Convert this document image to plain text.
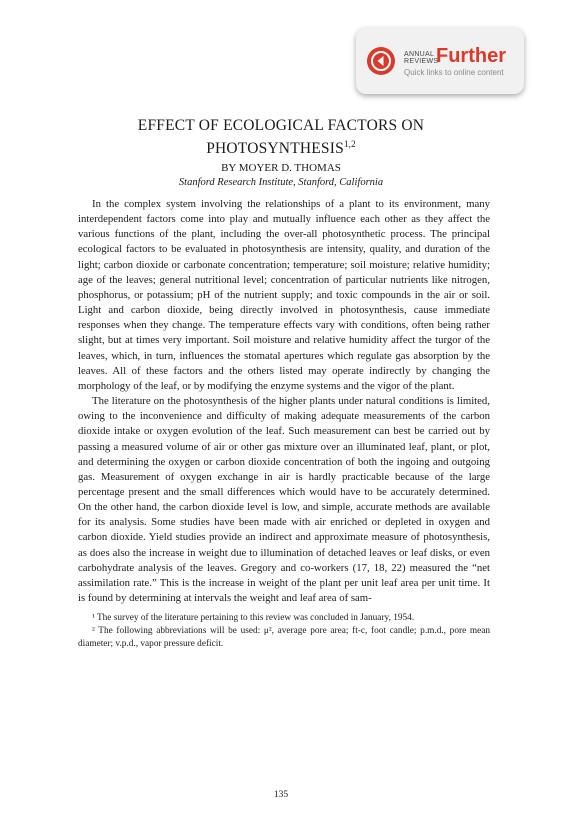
ANNUAL
REVIEWS
Further
Quick links to online content
EFFECT OF ECOLOGICAL FACTORS ON
PHOTOSYNTHESIS$^{1,2}$
BY MOYER D. THOMAS
Stanford Research Institute, Stanford, California

In the complex system involving the relationships of a plant to its environment, many interdependent factors come into play and mutually influence each other as they affect the various functions of the plant, including the over-all photosynthetic process. The principal ecological factors to be evaluated in photosynthesis are intensity, quality, and duration of the light; carbon dioxide or carbonate concentration; temperature; soil moisture; relative humidity; age of the leaves; general nutritional level; concentration of particular nutrients like nitrogen, phosphorus, or potassium; pH of the nutrient supply; and toxic compounds in the air or soil. Light and carbon dioxide, being directly involved in photosynthesis, cause immediate responses when they change. The temperature effects vary with conditions, often being rather slight, but at times very important. Soil moisture and relative humidity affect the turgor of the leaves, which, in turn, influences the stomatal apertures which regulate gas absorption by the leaves. All of these factors and the others listed may operate indirectly by changing the morphology of the leaf, or by modifying the enzyme systems and the vigor of the plant.

The literature on the photosynthesis of the higher plants under natural conditions is limited, owing to the inconvenience and difficulty of making adequate measurements of the carbon dioxide intake or oxygen evolution of the leaf. Such measurement can best be carried out by passing a measured volume of air or other gas mixture over an illuminated leaf, plant, or plot, and determining the oxygen or carbon dioxide concentration of both the ingoing and outgoing gas. Measurement of oxygen exchange in air is hardly practicable because of the large percentage present and the small differences which would have to be accurately determined. On the other hand, the carbon dioxide level is low, and simple, accurate methods are available for its analysis. Some studies have been made with air enriched or depleted in oxygen and carbon dioxide. Yield studies provide an indirect and approximate measure of photosynthesis, as does also the increase in weight due to illumination of detached leaves or leaf disks, or even carbohydrate analysis of the leaves. Gregory and co-workers (17, 18, 22) measured the “net assimilation rate.” This is the increase in weight of the plant per unit leaf area per unit time. It is found by determining at intervals the weight and leaf area of sam-

¹ The survey of the literature pertaining to this review was concluded in January, 1954.

² The following abbreviations will be used: μ², average pore area; ft-c, foot candle; p.m.d., pore mean diameter; v.p.d., vapor pressure deficit.

135
